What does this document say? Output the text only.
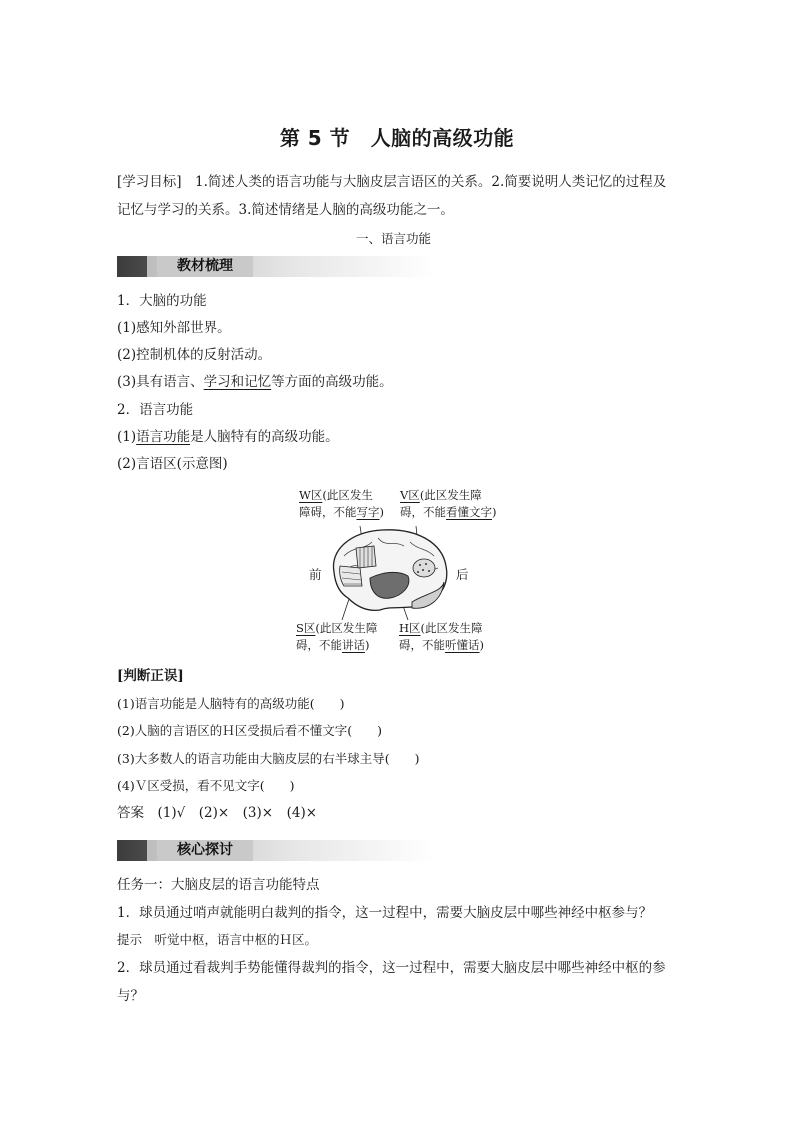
第 5 节　人脑的高级功能
[学习目标]　1.简述人类的语言功能与大脑皮层言语区的关系。2.简要说明人类记忆的过程及
记忆与学习的关系。3.简述情绪是人脑的高级功能之一。
一、语言功能
教材梳理
1．大脑的功能
(1)感知外部世界。
(2)控制机体的反射活动。
(3)具有语言、学习和记忆等方面的高级功能。
2．语言功能
(1)语言功能是人脑特有的高级功能。
(2)言语区(示意图)
W区(此区发生
障碍，不能写字)
V区(此区发生障
碍，不能看懂文字)
前	后
S区(此区发生障
碍，不能讲话)
H区(此区发生障
碍，不能听懂话)
[判断正误]
(1)语言功能是人脑特有的高级功能(　　)
(2)人脑的言语区的Ｈ区受损后看不懂文字(　　)
(3)大多数人的语言功能由大脑皮层的右半球主导(　　)
(4)Ｖ区受损，看不见文字(　　)
答案　(1)√　(2)×　(3)×　(4)×
核心探讨
任务一：大脑皮层的语言功能特点
1．球员通过哨声就能明白裁判的指令，这一过程中，需要大脑皮层中哪些神经中枢参与？
提示　听觉中枢，语言中枢的Ｈ区。
2．球员通过看裁判手势能懂得裁判的指令，这一过程中，需要大脑皮层中哪些神经中枢的参
与？
